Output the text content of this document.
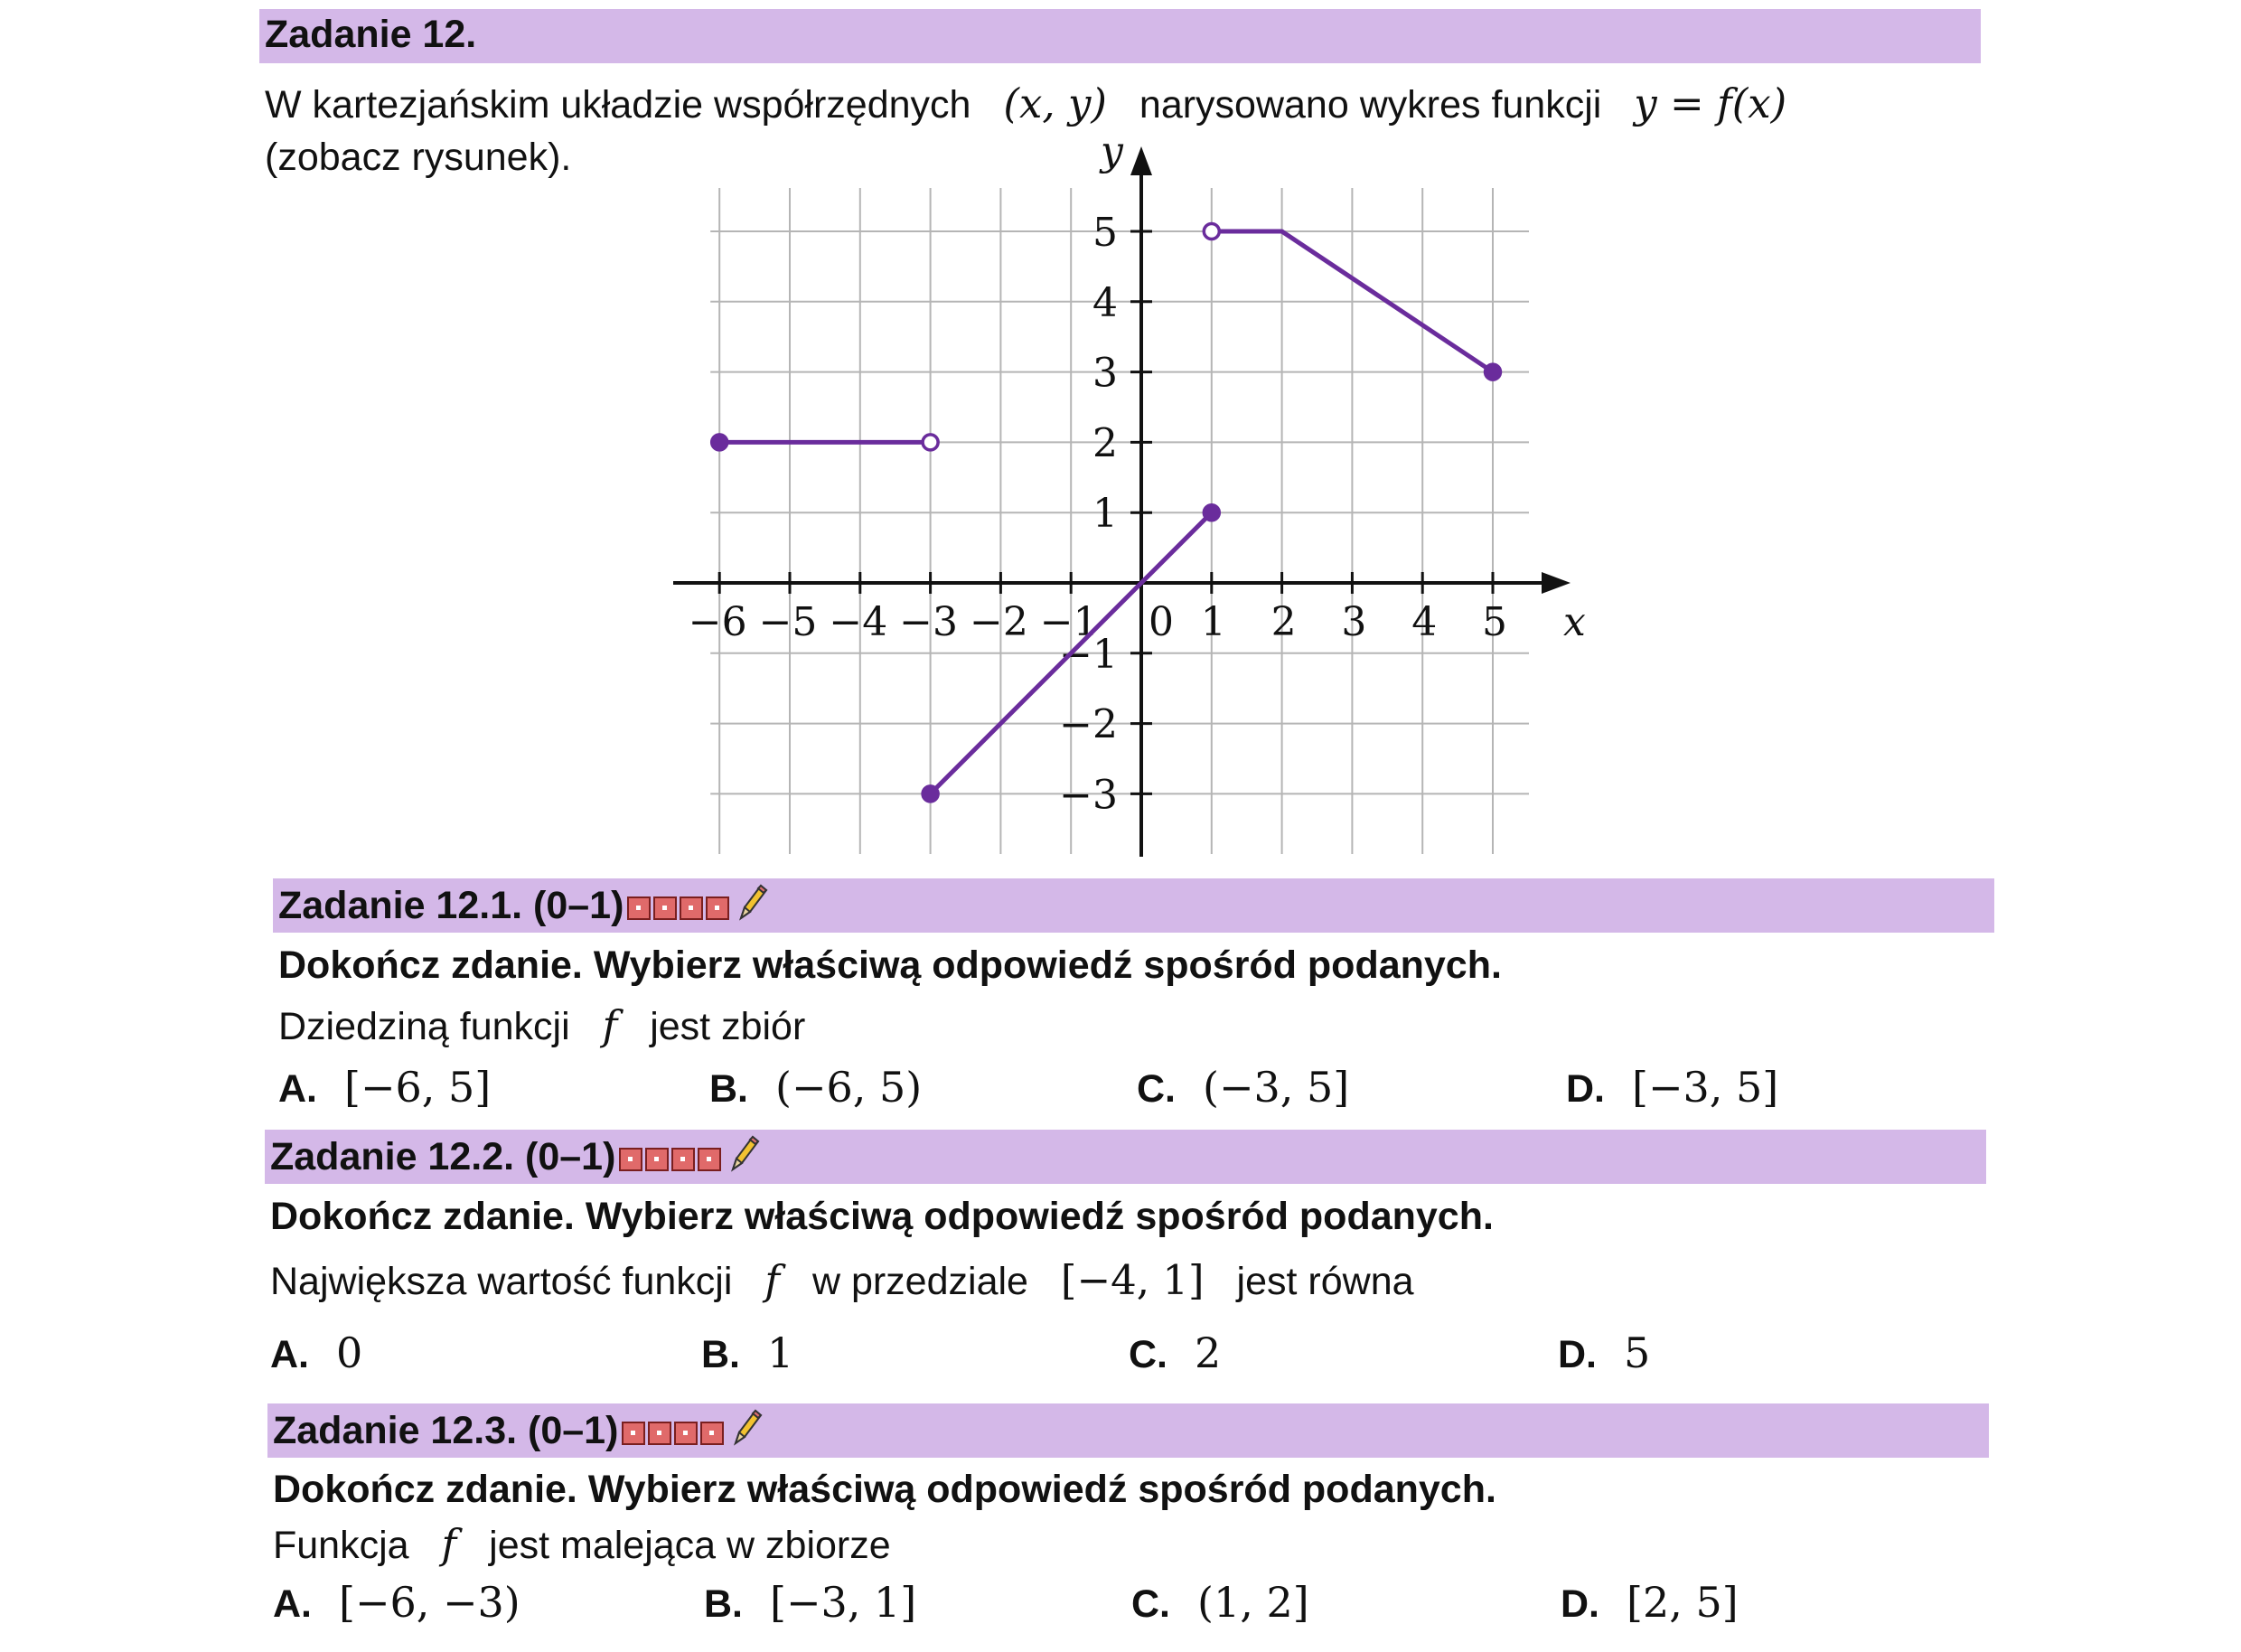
Zadanie 12.
W kartezjańskim układzie współrzędnych (x, y) narysowano wykres funkcji y = f(x)
(zobacz rysunek).
−6 −5 −4 −3 −2 −1 0 1 2 3 4 5
−3
−2
−1
1
2
3
4
5
x
y
Zadanie 12.1. (0–1)
Dokończ zdanie. Wybierz właściwą odpowiedź spośród podanych.
Dziedziną funkcji f jest zbiór
A. [−6, 5]	B. (−6, 5)	C. (−3, 5]	D. [−3, 5]
Zadanie 12.2. (0–1)
Dokończ zdanie. Wybierz właściwą odpowiedź spośród podanych.
Największa wartość funkcji f w przedziale [−4, 1] jest równa
A. 0	B. 1	C. 2	D. 5
Zadanie 12.3. (0–1)
Dokończ zdanie. Wybierz właściwą odpowiedź spośród podanych.
Funkcja f jest malejąca w zbiorze
A. [−6, −3)	B. [−3, 1]	C. (1, 2]	D. [2, 5]
